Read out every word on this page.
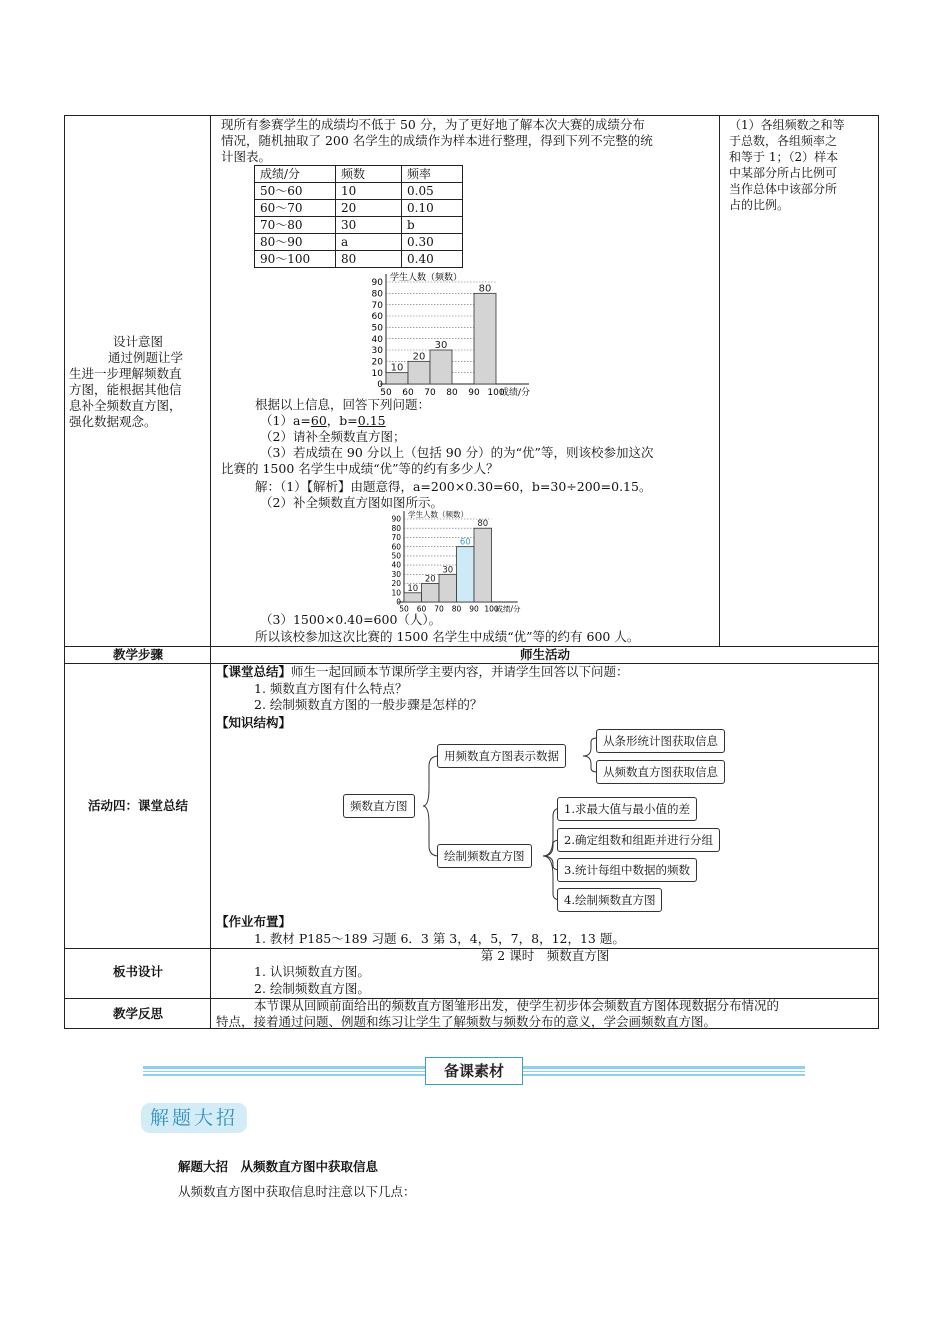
设计意图
通过例题让学
生进一步理解频数直
方图，能根据其他信
息补全频数直方图，
强化数据观念。
现所有参赛学生的成绩均不低于 50 分，为了更好地了解本次大赛的成绩分布
情况，随机抽取了 200 名学生的成绩作为样本进行整理，得到下列不完整的统
计图表。
成绩/分	频数	频率
50～60	10	0.05
60～70	20	0.10
70～80	30	b
80～90	a	0.30
90～100	80	0.40
0
10
20
30
40
50
60
70
80
90
50 60 70 80 90 100
学生人数（频数）
成绩/分
10
20
30
80
根据以上信息，回答下列问题：
（1）a=60，b=0.15
（2）请补全频数直方图；
（3）若成绩在 90 分以上（包括 90 分）的为“优”等，则该校参加这次
比赛的 1500 名学生中成绩“优”等的约有多少人？
解：（1）【解析】由题意得，a=200×0.30=60，b=30÷200=0.15。
（2）补全频数直方图如图所示。
0
10
20
30
40
50
60
70
80
90
50 60 70 80 90 100
学生人数（频数）
成绩/分
10
20
30
60
80
（3）1500×0.40=600（人）。
所以该校参加这次比赛的 1500 名学生中成绩“优”等的约有 600 人。
（1）各组频数之和等
于总数，各组频率之
和等于 1；（2）样本
中某部分所占比例可
当作总体中该部分所
占的比例。
教学步骤	师生活动
活动四：课堂总结
【课堂总结】师生一起回顾本节课所学主要内容，并请学生回答以下问题：
1. 频数直方图有什么特点？
2. 绘制频数直方图的一般步骤是怎样的？
【知识结构】
频数直方图
用频数直方图表示数据
从条形统计图获取信息
从频数直方图获取信息
绘制频数直方图
1.求最大值与最小值的差
2.确定组数和组距并进行分组
3.统计每组中数据的频数
4.绘制频数直方图
【作业布置】
1. 教材 P185～189 习题 6．3 第 3，4，5，7，8，12，13 题。
板书设计
第 2 课时　频数直方图
1. 认识频数直方图。
2. 绘制频数直方图。
教学反思
本节课从回顾前面给出的频数直方图雏形出发，使学生初步体会频数直方图体现数据分布情况的
特点，接着通过问题、例题和练习让学生了解频数与频数分布的意义，学会画频数直方图。
备课素材
解题大招
解题大招　从频数直方图中获取信息
从频数直方图中获取信息时注意以下几点：
